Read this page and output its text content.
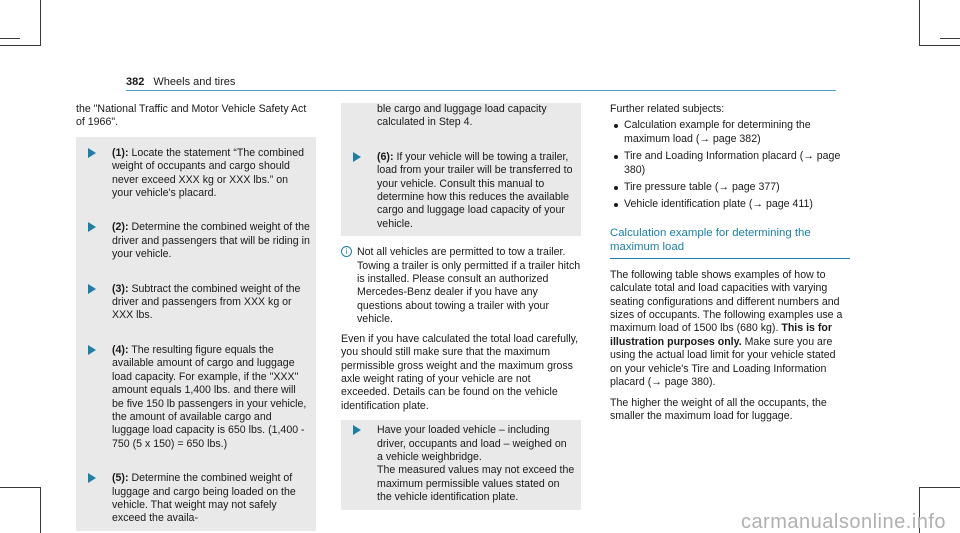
382 Wheels and tires

the "National Traffic and Motor Vehicle Safety Act of 1966".

(1): Locate the statement “The combined weight of occupants and cargo should never exceed XXX kg or XXX lbs.” on your vehicle's placard.
(2): Determine the combined weight of the driver and passengers that will be riding in your vehicle.
(3): Subtract the combined weight of the driver and passengers from XXX kg or XXX lbs.
(4): The resulting figure equals the available amount of cargo and luggage load capacity. For example, if the "XXX" amount equals 1,400 lbs. and there will be five 150 lb passengers in your vehicle, the amount of available cargo and luggage load capacity is 650 lbs. (1,400 - 750 (5 x 150) = 650 lbs.)
(5): Determine the combined weight of luggage and cargo being loaded on the vehicle. That weight may not safely exceed the availa-
ble cargo and luggage load capacity calculated in Step 4.
(6): If your vehicle will be towing a trailer, load from your trailer will be transferred to your vehicle. Consult this manual to determine how this reduces the available cargo and luggage load capacity of your vehicle.
i Not all vehicles are permitted to tow a trailer. Towing a trailer is only permitted if a trailer hitch is installed. Please consult an authorized Mercedes-Benz dealer if you have any questions about towing a trailer with your vehicle.

Even if you have calculated the total load carefully, you should still make sure that the maximum permissible gross weight and the maximum gross axle weight rating of your vehicle are not exceeded. Details can be found on the vehicle identification plate.

Have your loaded vehicle – including driver, occupants and load – weighed on a vehicle weighbridge.
The measured values may not exceed the maximum permissible values stated on the vehicle identification plate.

Further related subjects:

Calculation example for determining the maximum load (→ page 382)
Tire and Loading Information placard (→ page 380)
Tire pressure table (→ page 377)
Vehicle identification plate (→ page 411)
Calculation example for determining the maximum load

The following table shows examples of how to calculate total and load capacities with varying seating configurations and different numbers and sizes of occupants. The following examples use a maximum load of 1500 lbs (680 kg). This is for illustration purposes only. Make sure you are using the actual load limit for your vehicle stated on your vehicle's Tire and Loading Information placard (→ page 380).

The higher the weight of all the occupants, the smaller the maximum load for luggage.

carmanualsonline.info
